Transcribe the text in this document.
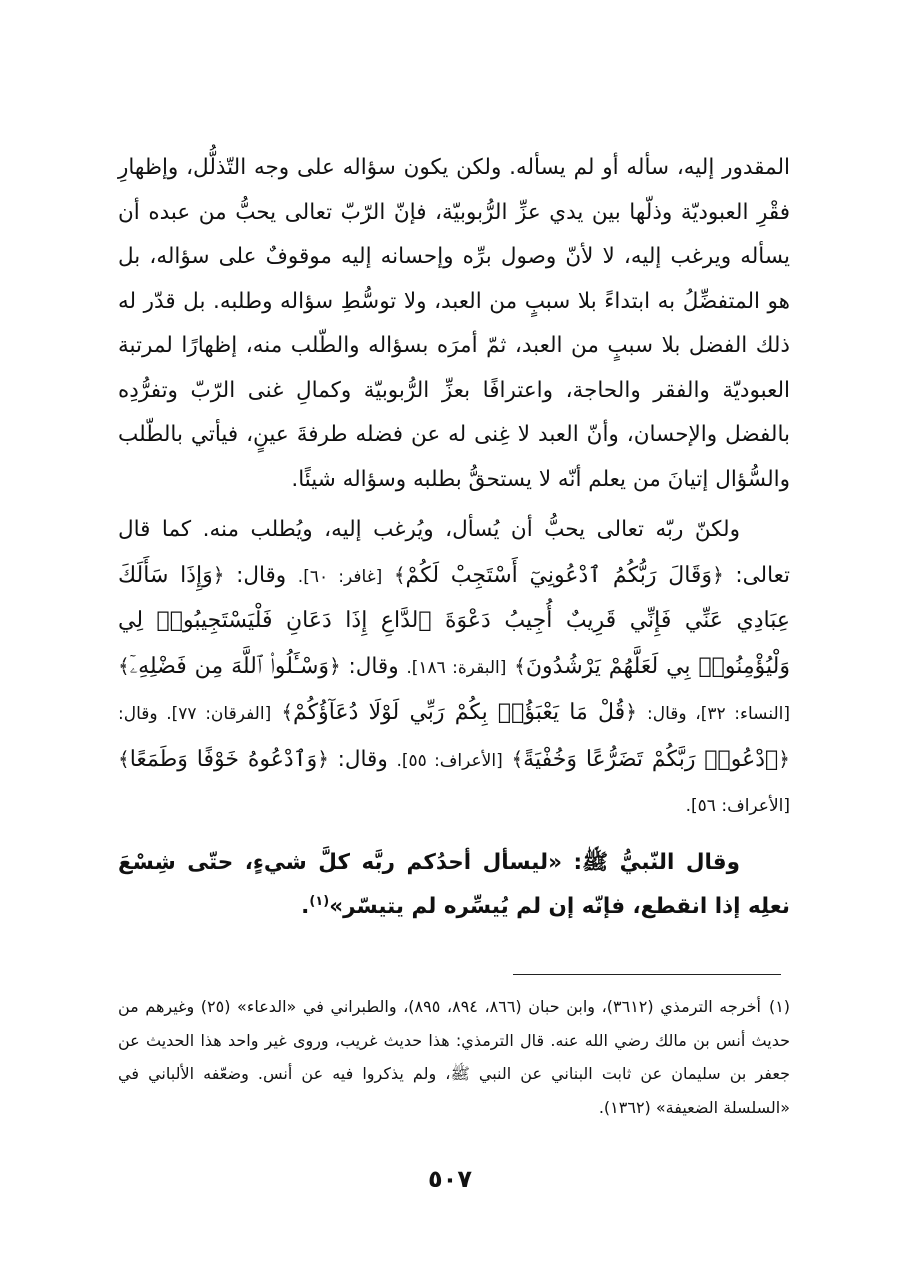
المقدور إليه، سأله أو لم يسأله. ولكن يكون سؤاله على وجه التّذلُّل، وإظهارِ فقْرِ العبوديّة وذلّها بين يدي عزِّ الرُّبوبيّة، فإنّ الرّبّ تعالى يحبُّ من عبده أن يسأله ويرغب إليه، لا لأنّ وصول برِّه وإحسانه إليه موقوفٌ على سؤاله، بل هو المتفضِّلُ به ابتداءً بلا سببٍ من العبد، ولا توسُّطِ سؤاله وطلبه. بل قدّر له ذلك الفضل بلا سببٍ من العبد، ثمّ أمرَه بسؤاله والطّلب منه، إظهارًا لمرتبة العبوديّة والفقر والحاجة، واعترافًا بعزِّ الرُّبوبيّة وكمالِ غنى الرّبّ وتفرُّدِه بالفضل والإحسان، وأنّ العبد لا غِنى له عن فضله طرفةَ عينٍ، فيأتي بالطّلب والسُّؤال إتيانَ من يعلم أنّه لا يستحقُّ بطلبه وسؤاله شيئًا.

ولكنّ ربّه تعالى يحبُّ أن يُسأل، ويُرغب إليه، ويُطلب منه. كما قال تعالى: ﴿وَقَالَ رَبُّكُمُ ٱدْعُونِيٓ أَسْتَجِبْ لَكُمْ﴾ [غافر: ٦٠]. وقال: ﴿وَإِذَا سَأَلَكَ عِبَادِي عَنِّي فَإِنِّي قَرِيبٌ أُجِيبُ دَعْوَةَ ٱلدَّاعِ إِذَا دَعَانِ فَلْيَسْتَجِيبُوا۟ لِي وَلْيُؤْمِنُوا۟ بِي لَعَلَّهُمْ يَرْشُدُونَ﴾ [البقرة: ١٨٦]. وقال: ﴿وَسْـَٔلُوا۟ ٱللَّهَ مِن فَضْلِهِۦٓ﴾ [النساء: ٣٢]، وقال: ﴿قُلْ مَا يَعْبَؤُا۟ بِكُمْ رَبِّي لَوْلَا دُعَآؤُكُمْ﴾ [الفرقان: ٧٧]. وقال: ﴿ٱدْعُوا۟ رَبَّكُمْ تَضَرُّعًا وَخُفْيَةً﴾ [الأعراف: ٥٥]. وقال: ﴿وَٱدْعُوهُ خَوْفًا وَطَمَعًا﴾ [الأعراف: ٥٦].

وقال النّبيُّ ﷺ: «ليسأل أحدُكم ربَّه كلَّ شيءٍ، حتّى شِسْعَ نعلِه إذا انقطع، فإنّه إن لم يُيسِّره لم يتيسّر»$^{(١)}$.

(١)أخرجه الترمذي (٣٦١٢)، وابن حبان (٨٦٦، ٨٩٤، ٨٩٥)، والطبراني في «الدعاء» (٢٥) وغيرهم من حديث أنس بن مالك رضي الله عنه. قال الترمذي: هذا حديث غريب، وروى غير واحد هذا الحديث عن جعفر بن سليمان عن ثابت البناني عن النبي ﷺ، ولم يذكروا فيه عن أنس. وضعّفه الألباني في «السلسلة الضعيفة» (١٣٦٢).

٥٠٧
